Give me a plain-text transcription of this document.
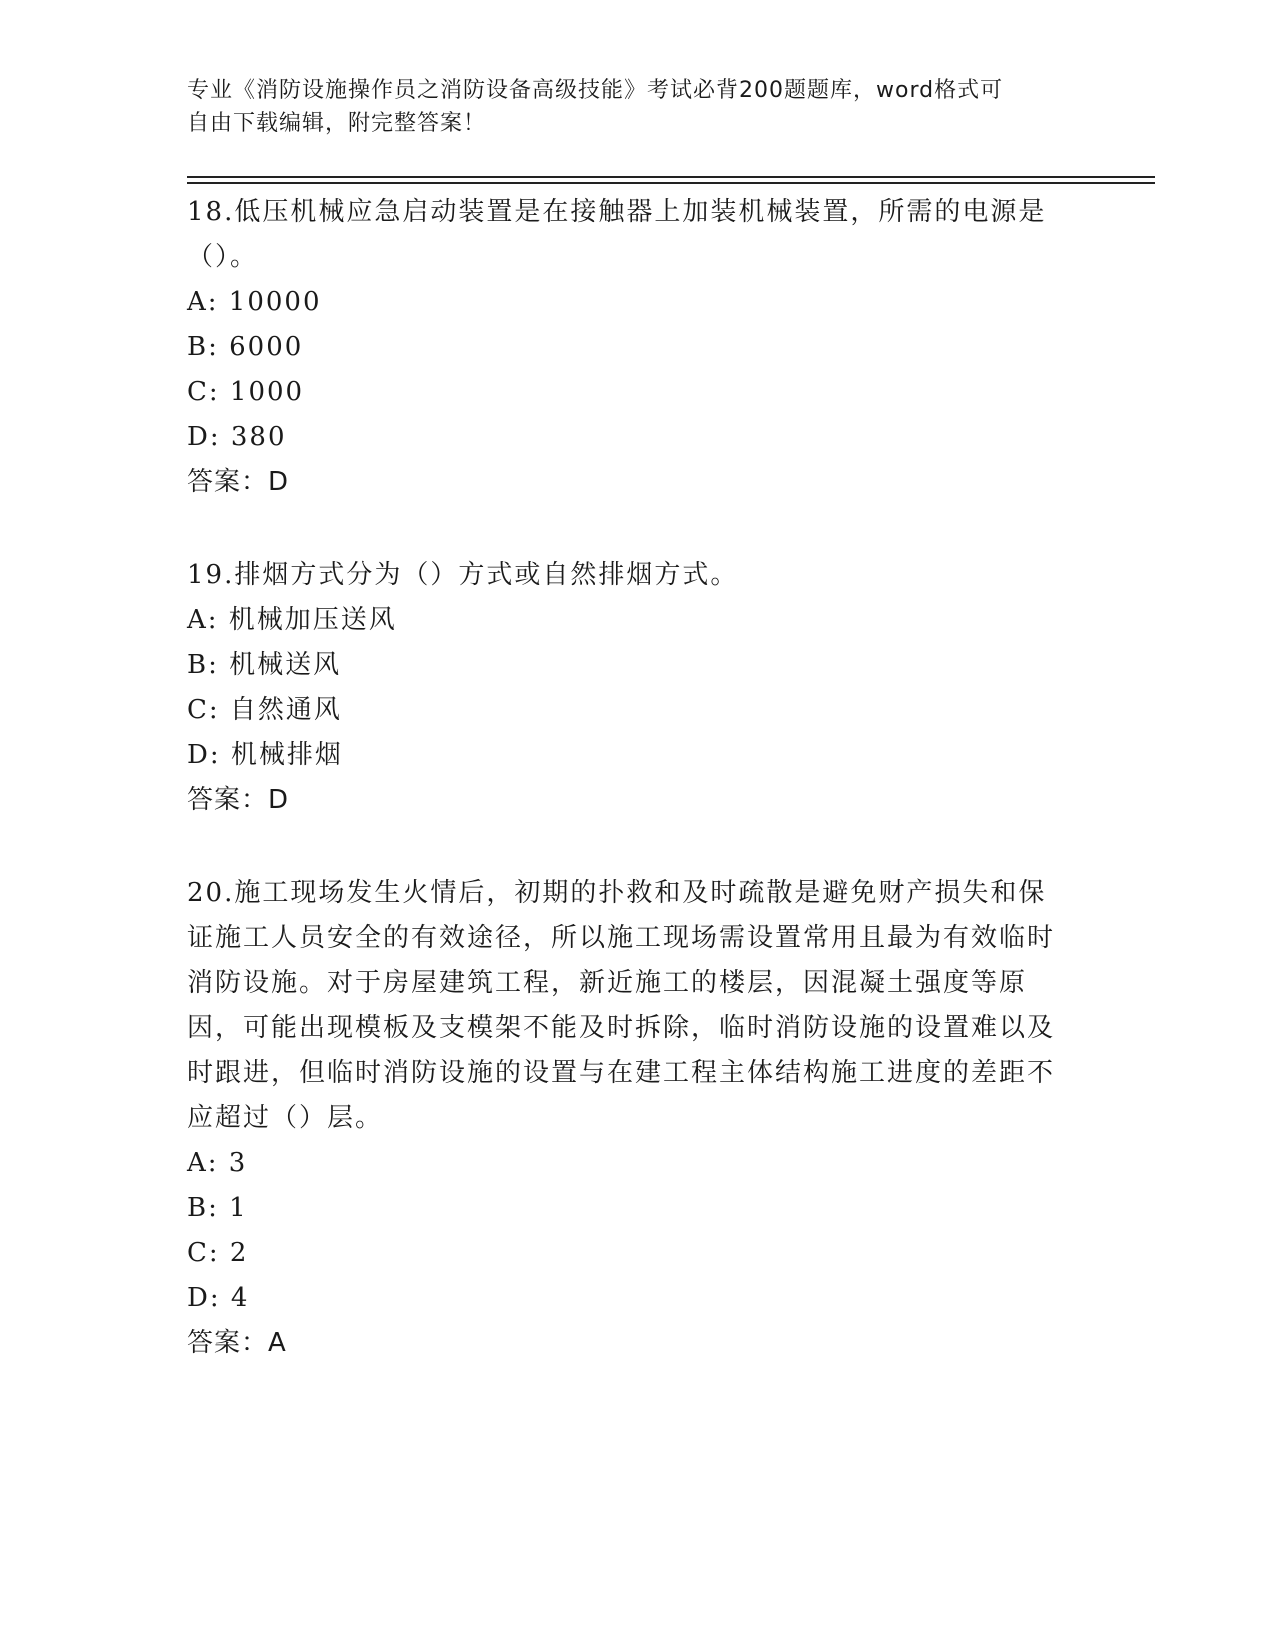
专业《消防设施操作员之消防设备高级技能》考试必背200题题库，word格式可
自由下载编辑，附完整答案！

18.低压机械应急启动装置是在接触器上加装机械装置，所需的电源是（）。

A: 10000

B: 6000

C: 1000

D: 380

答案：D

19.排烟方式分为（）方式或自然排烟方式。

A: 机械加压送风

B: 机械送风

C: 自然通风

D: 机械排烟

答案：D

20.施工现场发生火情后，初期的扑救和及时疏散是避免财产损失和保证施工人员安全的有效途径，所以施工现场需设置常用且最为有效临时消防设施。对于房屋建筑工程，新近施工的楼层，因混凝土强度等原因，可能出现模板及支模架不能及时拆除，临时消防设施的设置难以及时跟进，但临时消防设施的设置与在建工程主体结构施工进度的差距不应超过（）层。

A: 3

B: 1

C: 2

D: 4

答案：A
